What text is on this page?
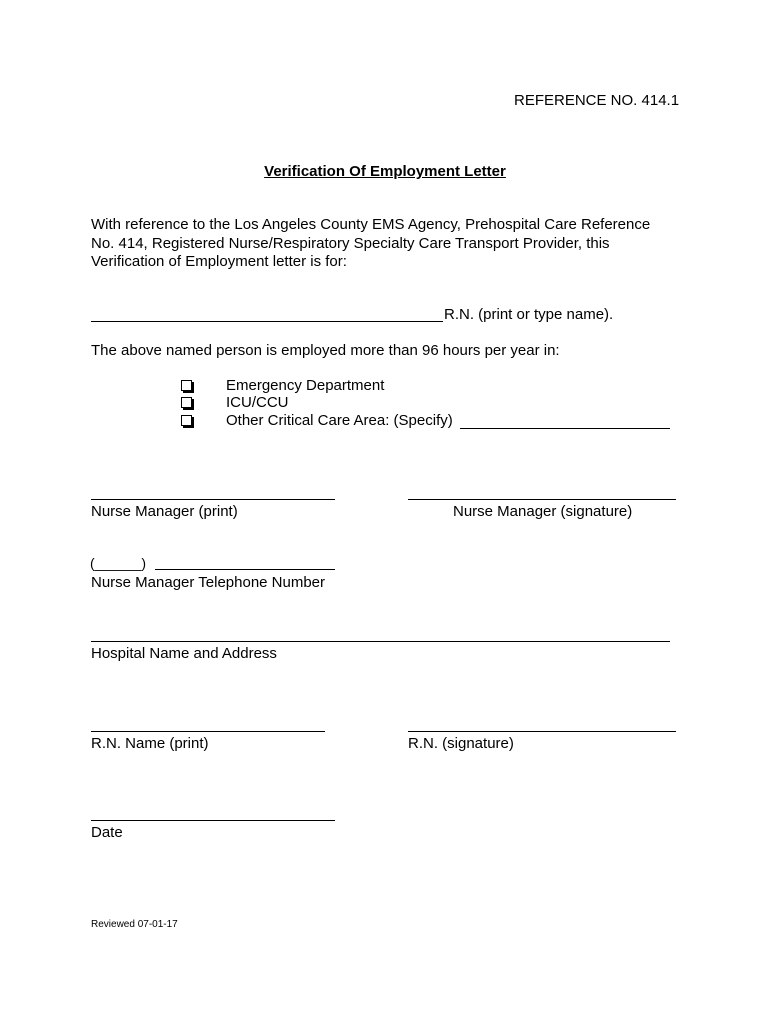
REFERENCE NO. 414.1
Verification Of Employment Letter
With reference to the Los Angeles County EMS Agency, Prehospital Care Reference
No. 414, Registered Nurse/Respiratory Specialty Care Transport Provider, this
Verification of Employment letter is for:
R.N. (print or type name).
The above named person is employed more than 96 hours per year in:
Emergency Department
ICU/CCU
Other Critical Care Area: (Specify)
Nurse Manager (print)	Nurse Manager (signature)
(______)
Nurse Manager Telephone Number
Hospital Name and Address
R.N. Name (print)	R.N. (signature)
Date
Reviewed 07-01-17
